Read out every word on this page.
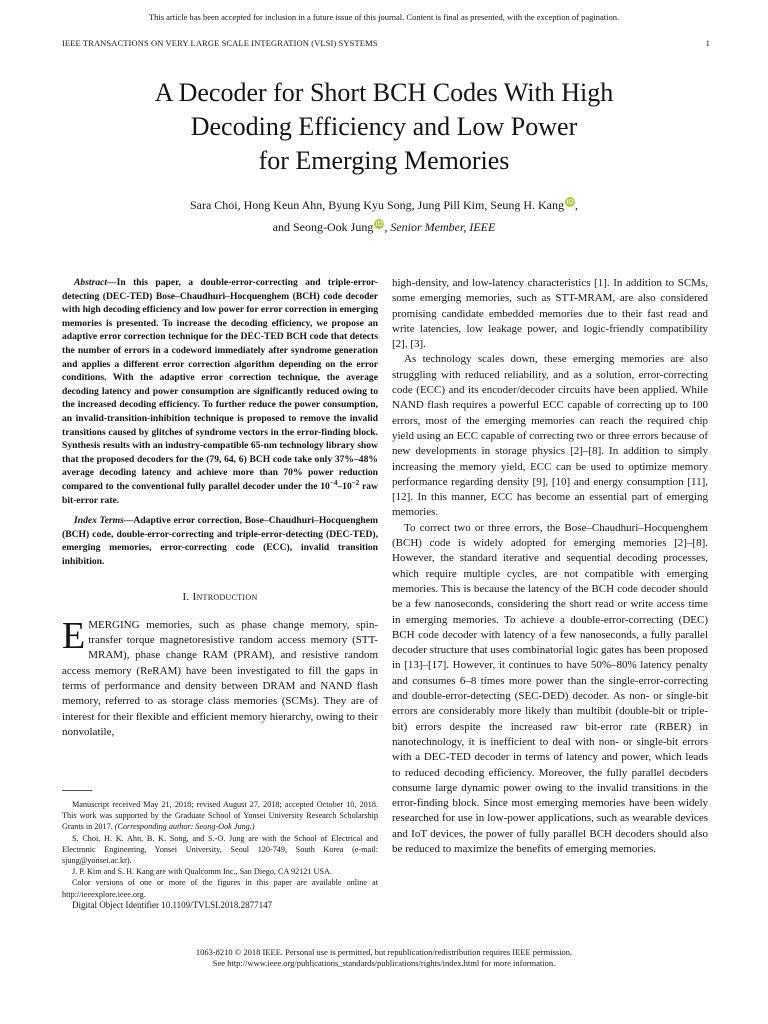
This article has been accepted for inclusion in a future issue of this journal. Content is final as presented, with the exception of pagination.
IEEE TRANSACTIONS ON VERY LARGE SCALE INTEGRATION (VLSI) SYSTEMS	1
A Decoder for Short BCH Codes With High
Decoding Efficiency and Low Power
for Emerging Memories
Sara Choi, Hong Keun Ahn, Byung Kyu Song, Jung Pill Kim, Seung H. Kang iD,
and Seong-Ook Jung iD, Senior Member, IEEE

Abstract—In this paper, a double-error-correcting and triple-error-detecting (DEC-TED) Bose–Chaudhuri–Hocquenghem (BCH) code decoder with high decoding efficiency and low power for error correction in emerging memories is presented. To increase the decoding efficiency, we propose an adaptive error correction technique for the DEC-TED BCH code that detects the number of errors in a codeword immediately after syndrome generation and applies a different error correction algorithm depending on the error conditions. With the adaptive error correction technique, the average decoding latency and power consumption are significantly reduced owing to the increased decoding efficiency. To further reduce the power consumption, an invalid-transition-inhibition technique is proposed to remove the invalid transitions caused by glitches of syndrome vectors in the error-finding block. Synthesis results with an industry-compatible 65-nm technology library show that the proposed decoders for the (79, 64, 6) BCH code take only 37%–48% average decoding latency and achieve more than 70% power reduction compared to the conventional fully parallel decoder under the $10^{-4}-10^{-2}$ raw bit-error rate.

Index Terms—Adaptive error correction, Bose–Chaudhuri–Hocquenghem (BCH) code, double-error-correcting and triple-error-detecting (DEC-TED), emerging memories, error-correcting code (ECC), invalid transition inhibition.

I. Introduction

EMERGING memories, such as phase change memory, spin-transfer torque magnetoresistive random access memory (STT-MRAM), phase change RAM (PRAM), and resistive random access memory (ReRAM) have been investigated to fill the gaps in terms of performance and density between DRAM and NAND flash memory, referred to as storage class memories (SCMs). They are of interest for their flexible and efficient memory hierarchy, owing to their nonvolatile,

Manuscript received May 21, 2018; revised August 27, 2018; accepted October 10, 2018. This work was supported by the Graduate School of Yonsei University Research Scholarship Grants in 2017. (Corresponding author: Seong-Ook Jung.)

S. Choi, H. K. Ahn, B. K. Song, and S.-O. Jung are with the School of Electrical and Electronic Engineering, Yonsei University, Seoul 120-749, South Korea (e-mail: sjung@yonsei.ac.kr).

J. P. Kim and S. H. Kang are with Qualcomm Inc., San Diego, CA 92121 USA.

Color versions of one or more of the figures in this paper are available online at http://ieeexplore.ieee.org.

Digital Object Identifier 10.1109/TVLSI.2018.2877147

high-density, and low-latency characteristics [1]. In addition to SCMs, some emerging memories, such as STT-MRAM, are also considered promising candidate embedded memories due to their fast read and write latencies, low leakage power, and logic-friendly compatibility [2], [3].

As technology scales down, these emerging memories are also struggling with reduced reliability, and as a solution, error-correcting code (ECC) and its encoder/decoder circuits have been applied. While NAND flash requires a powerful ECC capable of correcting up to 100 errors, most of the emerging memories can reach the required chip yield using an ECC capable of correcting two or three errors because of new developments in storage physics [2]–[8]. In addition to simply increasing the memory yield, ECC can be used to optimize memory performance regarding density [9], [10] and energy consumption [11], [12]. In this manner, ECC has become an essential part of emerging memories.

To correct two or three errors, the Bose–Chaudhuri–Hocquenghem (BCH) code is widely adopted for emerging memories [2]–[8]. However, the standard iterative and sequential decoding processes, which require multiple cycles, are not compatible with emerging memories. This is because the latency of the BCH code decoder should be a few nanoseconds, considering the short read or write access time in emerging memories. To achieve a double-error-correcting (DEC) BCH code decoder with latency of a few nanoseconds, a fully parallel decoder structure that uses combinatorial logic gates has been proposed in [13]–[17]. However, it continues to have 50%–80% latency penalty and consumes 6–8 times more power than the single-error-correcting and double-error-detecting (SEC-DED) decoder. As non- or single-bit errors are considerably more likely than multibit (double-bit or triple-bit) errors despite the increased raw bit-error rate (RBER) in nanotechnology, it is inefficient to deal with non- or single-bit errors with a DEC-TED decoder in terms of latency and power, which leads to reduced decoding efficiency. Moreover, the fully parallel decoders consume large dynamic power owing to the invalid transitions in the error-finding block. Since most emerging memories have been widely researched for use in low-power applications, such as wearable devices and IoT devices, the power of fully parallel BCH decoders should also be reduced to maximize the benefits of emerging memories.

1063-8210 © 2018 IEEE. Personal use is permitted, but republication/redistribution requires IEEE permission.
See http://www.ieee.org/publications_standards/publications/rights/index.html for more information.
